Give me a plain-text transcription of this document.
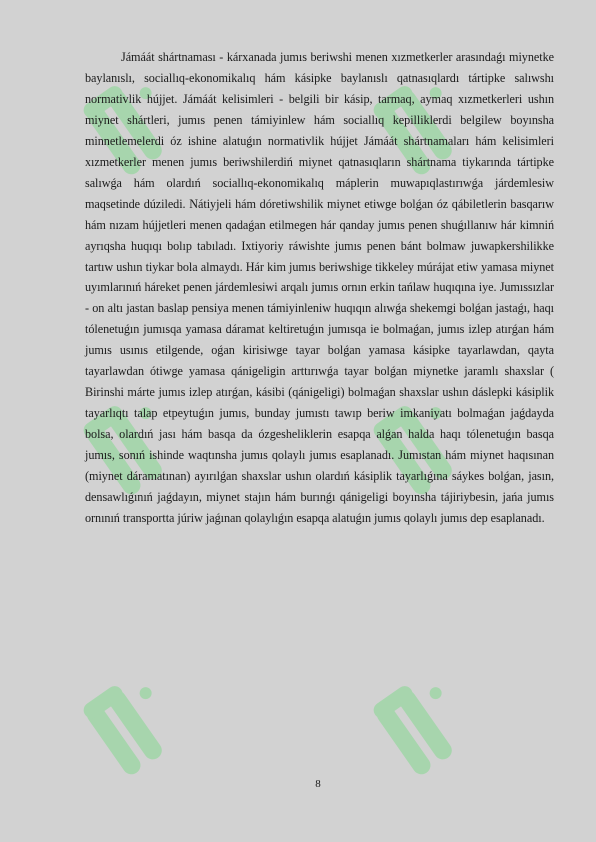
Jámáát shártnaması - kárxanada jumıs beriwshi menen xızmetkerler arasındaǵı miynetke baylanıslı, sociallıq-ekonomikalıq hám kásipke baylanıslı qatnasıqlardı tártipke salıwshı normativlik hújjet. Jámáát kelisimleri - belgili bir kásip, tarmaq, aymaq xızmetkerleri ushın miynet shártleri, jumıs penen támiyinlew hám sociallıq kepilliklerdi belgilew boyınsha minnetlemelerdi óz ishine alatuǵın normativlik hújjet Jámáát shártnamaları hám kelisimleri xızmetkerler menen jumıs beriwshilerdiń miynet qatnasıqların shártnama tiykarında tártipke salıwǵa hám olardıń sociallıq-ekonomikalıq máplerin muwapıqlastırıwǵa járdemlesiw maqsetinde dúziledi. Nátiyjeli hám dóretiwshilik miynet etiwge bolǵan óz qábiletlerin basqarıw hám nızam hújjetleri menen qadaǵan etilmegen hár qanday jumıs penen shuǵıllanıw hár kimniń ayrıqsha huqıqı bolıp tabıladı. Ixtiyoriy ráwishte jumıs penen bánt bolmaw juwapkershilikke tartıw ushın tiykar bola almaydı. Hár kim jumıs beriwshige tikkeley múrájat etiw yamasa miynet uyımlarınıń háreket penen járdemlesiwi arqalı jumıs ornın erkin tańlaw huqıqına iye. Jumıssızlar - on altı jastan baslap pensiya menen támiyinleniw huqıqın alıwǵa shekemgi bolǵan jastaǵı, haqı tólenetuǵın jumısqa yamasa dáramat keltiretuǵın jumısqa ie bolmaǵan, jumıs izlep atırǵan hám jumıs usınıs etilgende, oǵan kirisiwge tayar bolǵan yamasa kásipke tayarlawdan, qayta tayarlawdan ótiwge yamasa qánigeligin arttırıwǵa tayar bolǵan miynetke jaramlı shaxslar ( Birinshi márte jumıs izlep atırǵan, kásibi (qánigeligi) bolmaǵan shaxslar ushın dáslepki kásiplik tayarlıqtı talap etpeytuǵın jumıs, bunday jumıstı tawıp beriw imkaniyatı bolmaǵan jaǵdayda bolsa, olardıń jası hám basqa da ózgesheliklerin esapqa alǵan halda haqı tólenetuǵın basqa jumıs, sonıń ishinde waqtınsha jumıs qolaylı jumıs esaplanadı. Jumıstan hám miynet haqısınan (miynet dáramatınan) ayırılǵan shaxslar ushın olardıń kásiplik tayarlıǵına sáykes bolǵan, jasın, densawlıǵınıń jaǵdayın, miynet stajın hám burınǵı qánigeligi boyınsha tájiriybesin, jańa jumıs ornınıń transportta júriw jaǵınan qolaylıǵın esapqa alatuǵın jumıs qolaylı jumıs dep esaplanadı.

8
